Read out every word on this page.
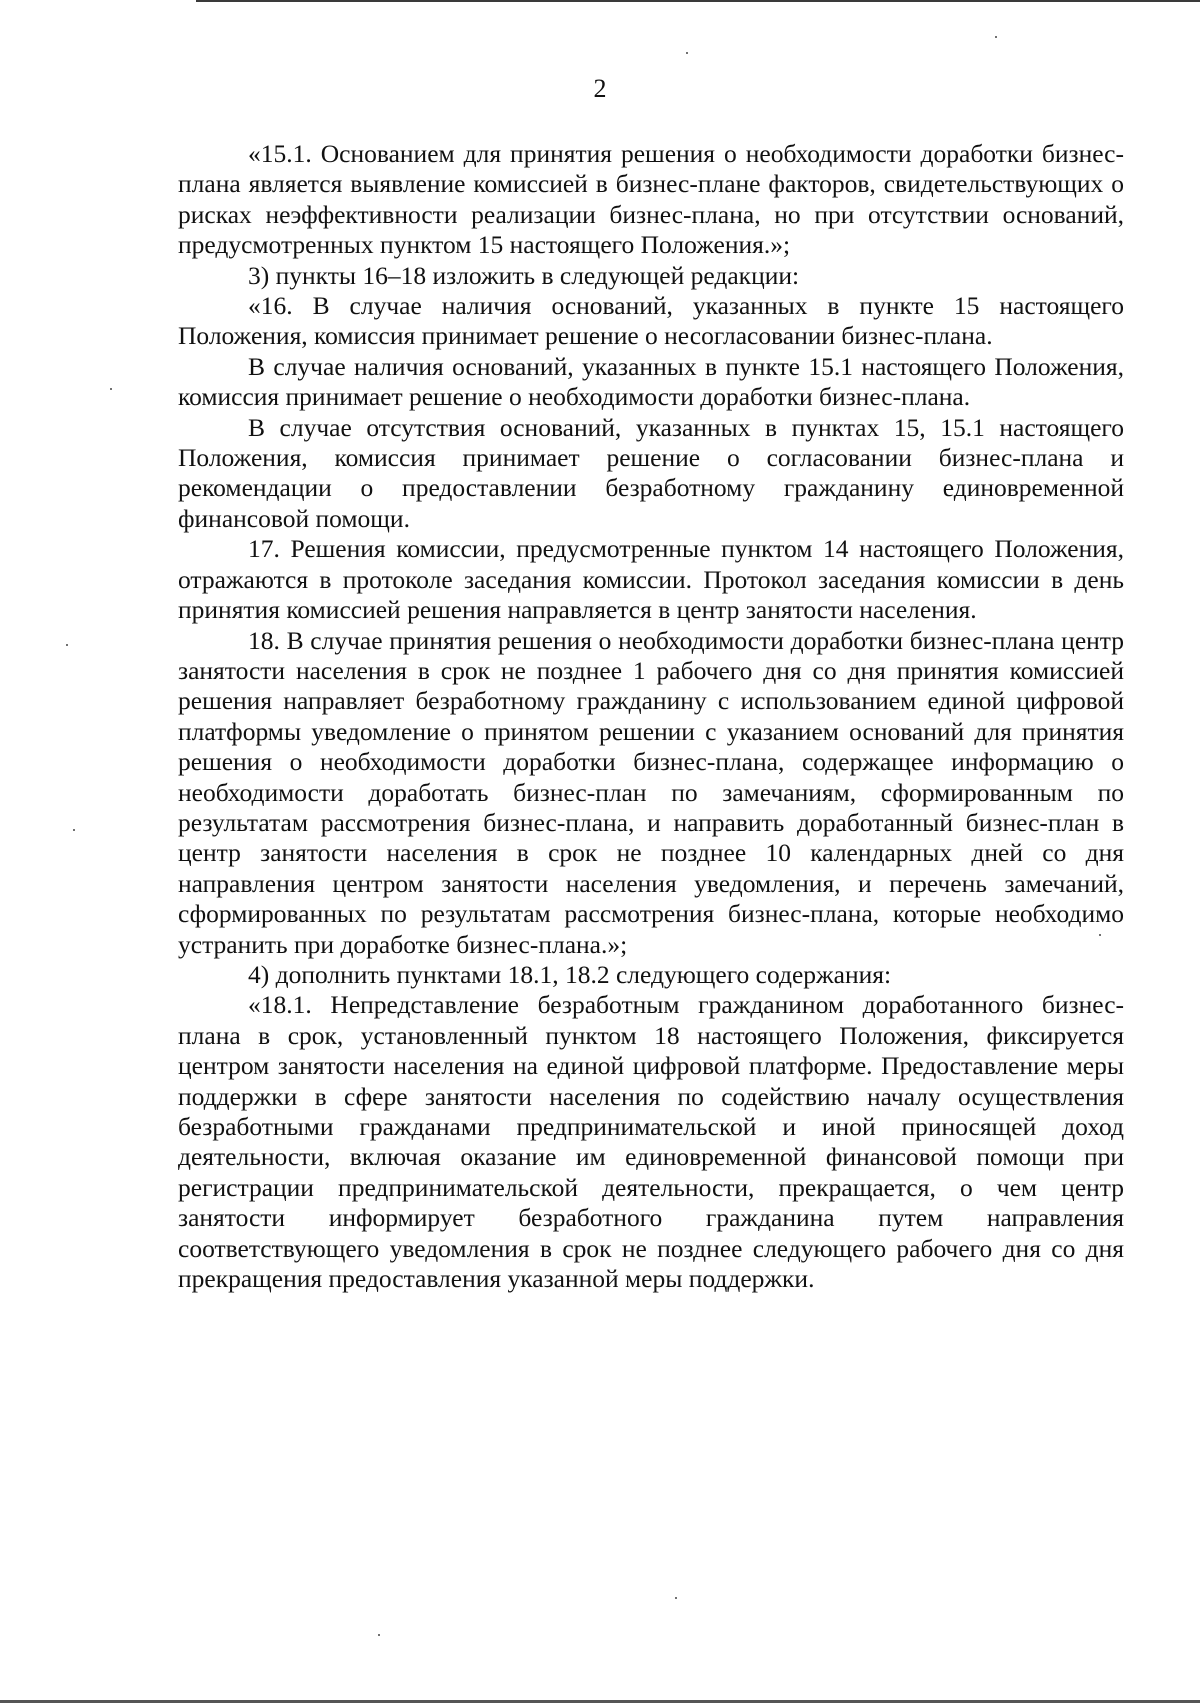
2

«15.1. Основанием для принятия решения о необходимости доработки бизнес-плана является выявление комиссией в бизнес-плане факторов, свидетельствующих о рисках неэффективности реализации бизнес-плана, но при отсутствии оснований, предусмотренных пунктом 15 настоящего Положения.»;

3) пункты 16–18 изложить в следующей редакции:

«16. В случае наличия оснований, указанных в пункте 15 настоящего Положения, комиссия принимает решение о несогласовании бизнес-плана.

В случае наличия оснований, указанных в пункте 15.1 настоящего Положения, комиссия принимает решение о необходимости доработки бизнес-плана.

В случае отсутствия оснований, указанных в пунктах 15, 15.1 настоящего Положения, комиссия принимает решение о согласовании бизнес-плана и рекомендации о предоставлении безработному гражданину единовременной финансовой помощи.

17. Решения комиссии, предусмотренные пунктом 14 настоящего Положения, отражаются в протоколе заседания комиссии. Протокол заседания комиссии в день принятия комиссией решения направляется в центр занятости населения.

18. В случае принятия решения о необходимости доработки бизнес-плана центр занятости населения в срок не позднее 1 рабочего дня со дня принятия комиссией решения направляет безработному гражданину с использованием единой цифровой платформы уведомление о принятом решении с указанием оснований для принятия решения о необходимости доработки бизнес-плана, содержащее информацию о необходимости доработать бизнес-план по замечаниям, сформированным по результатам рассмотрения бизнес-плана, и направить доработанный бизнес-план в центр занятости населения в срок не позднее 10 календарных дней со дня направления центром занятости населения уведомления, и перечень замечаний, сформированных по результатам рассмотрения бизнес-плана, которые необходимо устранить при доработке бизнес-плана.»;

4) дополнить пунктами 18.1, 18.2 следующего содержания:

«18.1. Непредставление безработным гражданином доработанного бизнес-плана в срок, установленный пунктом 18 настоящего Положения, фиксируется центром занятости населения на единой цифровой платформе. Предоставление меры поддержки в сфере занятости населения по содействию началу осуществления безработными гражданами предпринимательской и иной приносящей доход деятельности, включая оказание им единовременной финансовой помощи при регистрации предпринимательской деятельности, прекращается, о чем центр занятости информирует безработного гражданина путем направления соответствующего уведомления в срок не позднее следующего рабочего дня со дня прекращения предоставления указанной меры поддержки.
